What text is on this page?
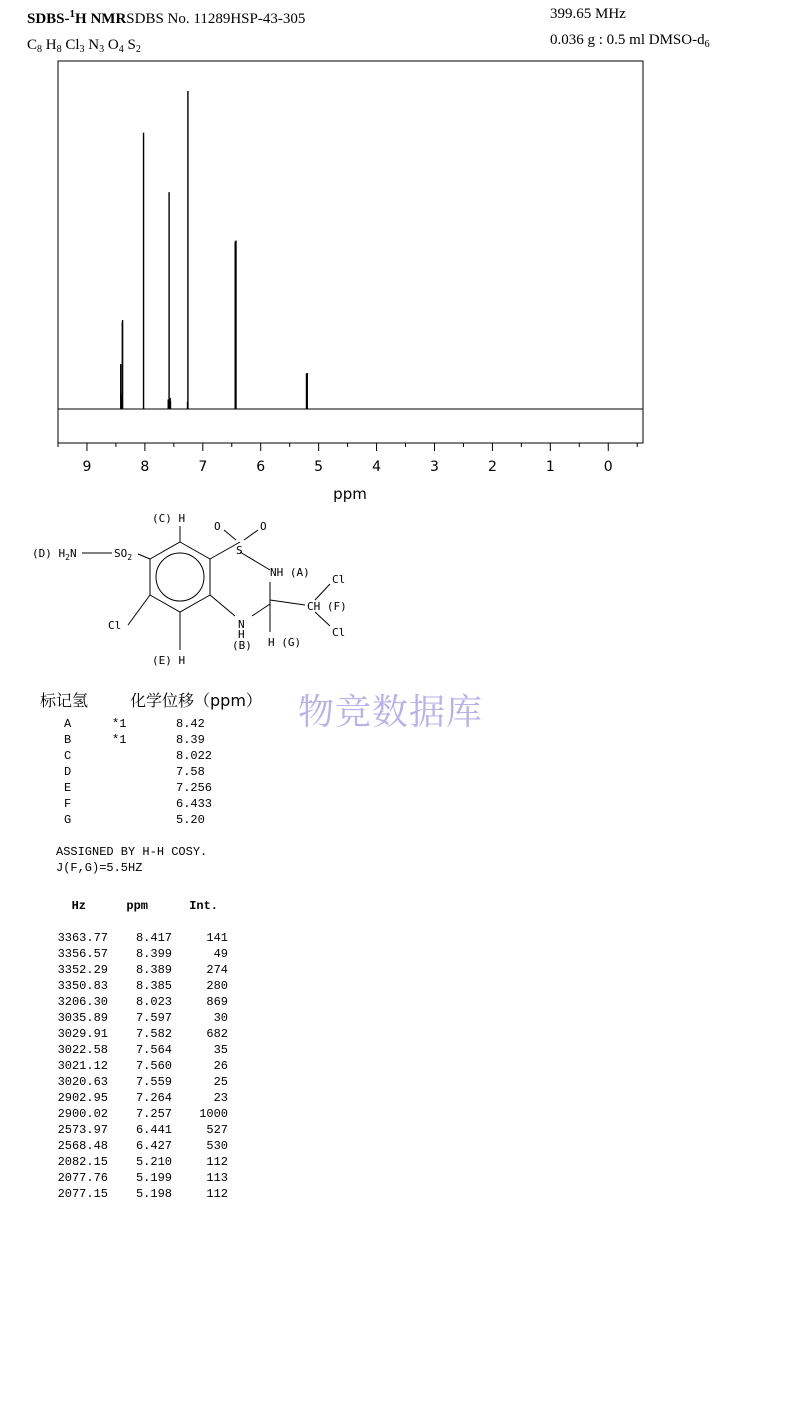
SDBS-$^1$H NMRSDBS No. 11289HSP-43-305
$C_8$ $H_8$ $Cl_3$ $N_3$ $O_4$ $S_2$
399.65 MHz
0.036 g : 0.5 ml DMSO-$d_6$
9	8	7	6	5	4	3	2	1	0
ppm
(C) H
O	O
S
(D) $H_2N$	$SO_2$
NH (A)
Cl
CH (F)
Cl
Cl	N
H
(B) H (G)
(E) H
物竞数据库
标记氢	化学位移（ppm）
A	*1	8.42
B	*1	8.39
C	8.022
D	7.58
E	7.256
F	6.433
G	5.20
ASSIGNED BY H-H COSY.
J(F,G)=5.5HZ
Hz	ppm	Int.
3363.77 8.417	141
3356.57 8.399	49
3352.29 8.389	274
3350.83 8.385	280
3206.30 8.023	869
3035.89 7.597	30
3029.91 7.582	682
3022.58 7.564	35
3021.12 7.560	26
3020.63 7.559	25
2902.95 7.264	23
2900.02 7.257 1000
2573.97 6.441	527
2568.48 6.427	530
2082.15 5.210	112
2077.76 5.199	113
2077.15 5.198	112
